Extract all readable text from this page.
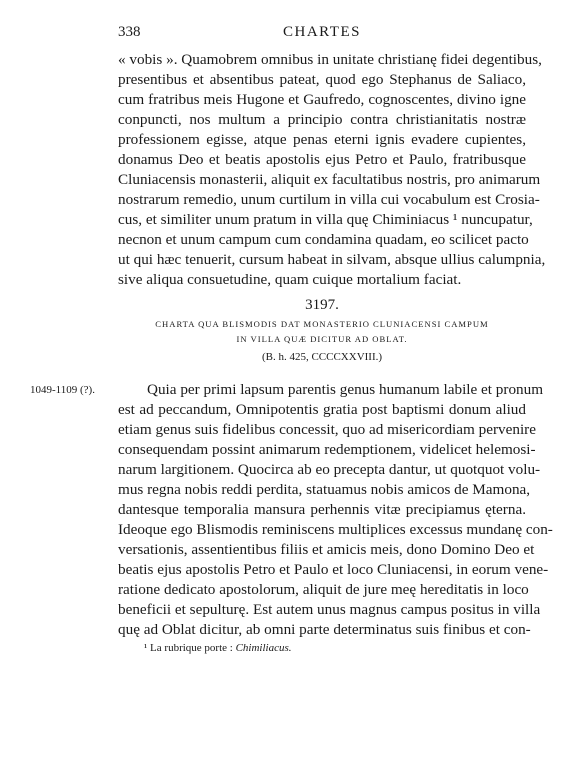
338	CHARTES
« vobis ». Quamobrem omnibus in unitate christianę fidei degentibus,
presentibus et absentibus pateat, quod ego Stephanus de Saliaco,
cum fratribus meis Hugone et Gaufredo, cognoscentes, divino igne
conpuncti, nos multum a principio contra christianitatis nostræ
professionem egisse, atque penas eterni ignis evadere cupientes,
donamus Deo et beatis apostolis ejus Petro et Paulo, fratribusque
Cluniacensis monasterii, aliquit ex facultatibus nostris, pro animarum
nostrarum remedio, unum curtilum in villa cui vocabulum est Crosia-
cus, et similiter unum pratum in villa quę Chiminiacus ¹ nuncupatur,
necnon et unum campum cum condamina quadam, eo scilicet pacto
ut qui hæc tenuerit, cursum habeat in silvam, absque ullius calumpnia,
sive aliqua consuetudine, quam cuique mortalium faciat.
3197.
CHARTA QUA BLISMODIS DAT MONASTERIO CLUNIACENSI CAMPUM
IN VILLA QUÆ DICITUR AD OBLAT.
(B. h. 425, CCCCXXVIII.)
1049-1109 (?).	Quia per primi lapsum parentis genus humanum labile et pronum
est ad peccandum, Omnipotentis gratia post baptismi donum aliud
etiam genus suis fidelibus concessit, quo ad misericordiam pervenire
consequendam possint animarum redemptionem, videlicet helemosi-
narum largitionem. Quocirca ab eo precepta dantur, ut quotquot volu-
mus regna nobis reddi perdita, statuamus nobis amicos de Mamona,
dantesque temporalia mansura perhennis vitæ precipiamus ęterna.
Ideoque ego Blismodis reminiscens multiplices excessus mundanę con-
versationis, assentientibus filiis et amicis meis, dono Domino Deo et
beatis ejus apostolis Petro et Paulo et loco Cluniacensi, in eorum vene-
ratione dedicato apostolorum, aliquit de jure meę hereditatis in loco
beneficii et sepulturę. Est autem unus magnus campus positus in villa
quę ad Oblat dicitur, ab omni parte determinatus suis finibus et con-
¹ La rubrique porte : Chimiliacus.
